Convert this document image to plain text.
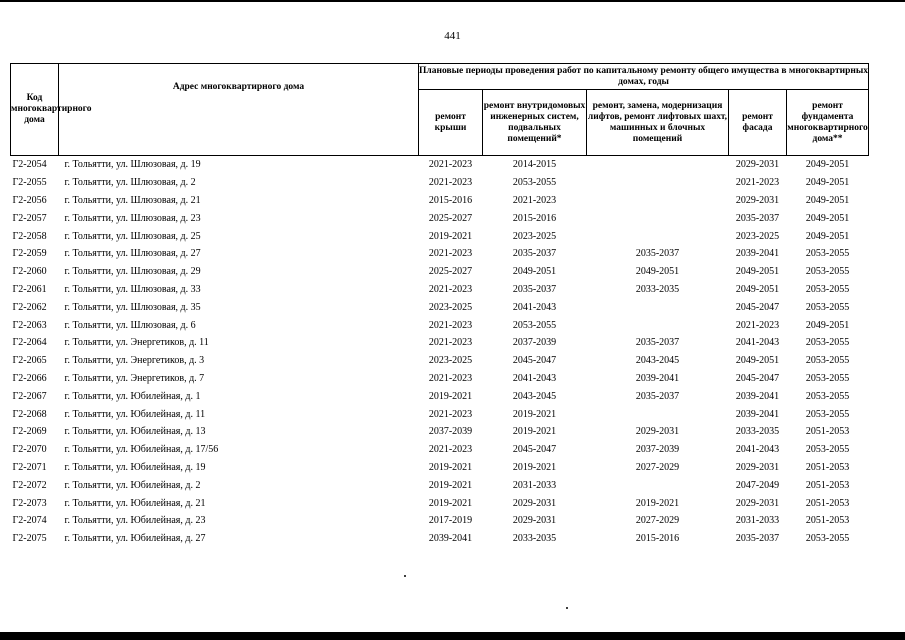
441
Код многоквартирного дома	Адрес многоквартирного дома	Плановые периоды проведения работ по капитальному ремонту общего имущества в многоквартирных домах, годы				
		ремонт крыши	ремонт внутридомовых инженерных систем, подвальных помещений*	ремонт, замена, модернизация лифтов, ремонт лифтовых шахт, машинных и блочных помещений	ремонт фасада	ремонт фундамента многоквартирного дома**
Г2-2054	г. Тольятти, ул. Шлюзовая, д. 19	2021-2023	2014-2015		2029-2031	2049-2051
Г2-2055	г. Тольятти, ул. Шлюзовая, д. 2	2021-2023	2053-2055		2021-2023	2049-2051
Г2-2056	г. Тольятти, ул. Шлюзовая, д. 21	2015-2016	2021-2023		2029-2031	2049-2051
Г2-2057	г. Тольятти, ул. Шлюзовая, д. 23	2025-2027	2015-2016		2035-2037	2049-2051
Г2-2058	г. Тольятти, ул. Шлюзовая, д. 25	2019-2021	2023-2025		2023-2025	2049-2051
Г2-2059	г. Тольятти, ул. Шлюзовая, д. 27	2021-2023	2035-2037	2035-2037	2039-2041	2053-2055
Г2-2060	г. Тольятти, ул. Шлюзовая, д. 29	2025-2027	2049-2051	2049-2051	2049-2051	2053-2055
Г2-2061	г. Тольятти, ул. Шлюзовая, д. 33	2021-2023	2035-2037	2033-2035	2049-2051	2053-2055
Г2-2062	г. Тольятти, ул. Шлюзовая, д. 35	2023-2025	2041-2043		2045-2047	2053-2055
Г2-2063	г. Тольятти, ул. Шлюзовая, д. 6	2021-2023	2053-2055		2021-2023	2049-2051
Г2-2064	г. Тольятти, ул. Энергетиков, д. 11	2021-2023	2037-2039	2035-2037	2041-2043	2053-2055
Г2-2065	г. Тольятти, ул. Энергетиков, д. 3	2023-2025	2045-2047	2043-2045	2049-2051	2053-2055
Г2-2066	г. Тольятти, ул. Энергетиков, д. 7	2021-2023	2041-2043	2039-2041	2045-2047	2053-2055
Г2-2067	г. Тольятти, ул. Юбилейная, д. 1	2019-2021	2043-2045	2035-2037	2039-2041	2053-2055
Г2-2068	г. Тольятти, ул. Юбилейная, д. 11	2021-2023	2019-2021		2039-2041	2053-2055
Г2-2069	г. Тольятти, ул. Юбилейная, д. 13	2037-2039	2019-2021	2029-2031	2033-2035	2051-2053
Г2-2070	г. Тольятти, ул. Юбилейная, д. 17/56	2021-2023	2045-2047	2037-2039	2041-2043	2053-2055
Г2-2071	г. Тольятти, ул. Юбилейная, д. 19	2019-2021	2019-2021	2027-2029	2029-2031	2051-2053
Г2-2072	г. Тольятти, ул. Юбилейная, д. 2	2019-2021	2031-2033		2047-2049	2051-2053
Г2-2073	г. Тольятти, ул. Юбилейная, д. 21	2019-2021	2029-2031	2019-2021	2029-2031	2051-2053
Г2-2074	г. Тольятти, ул. Юбилейная, д. 23	2017-2019	2029-2031	2027-2029	2031-2033	2051-2053
Г2-2075	г. Тольятти, ул. Юбилейная, д. 27	2039-2041	2033-2035	2015-2016	2035-2037	2053-2055
